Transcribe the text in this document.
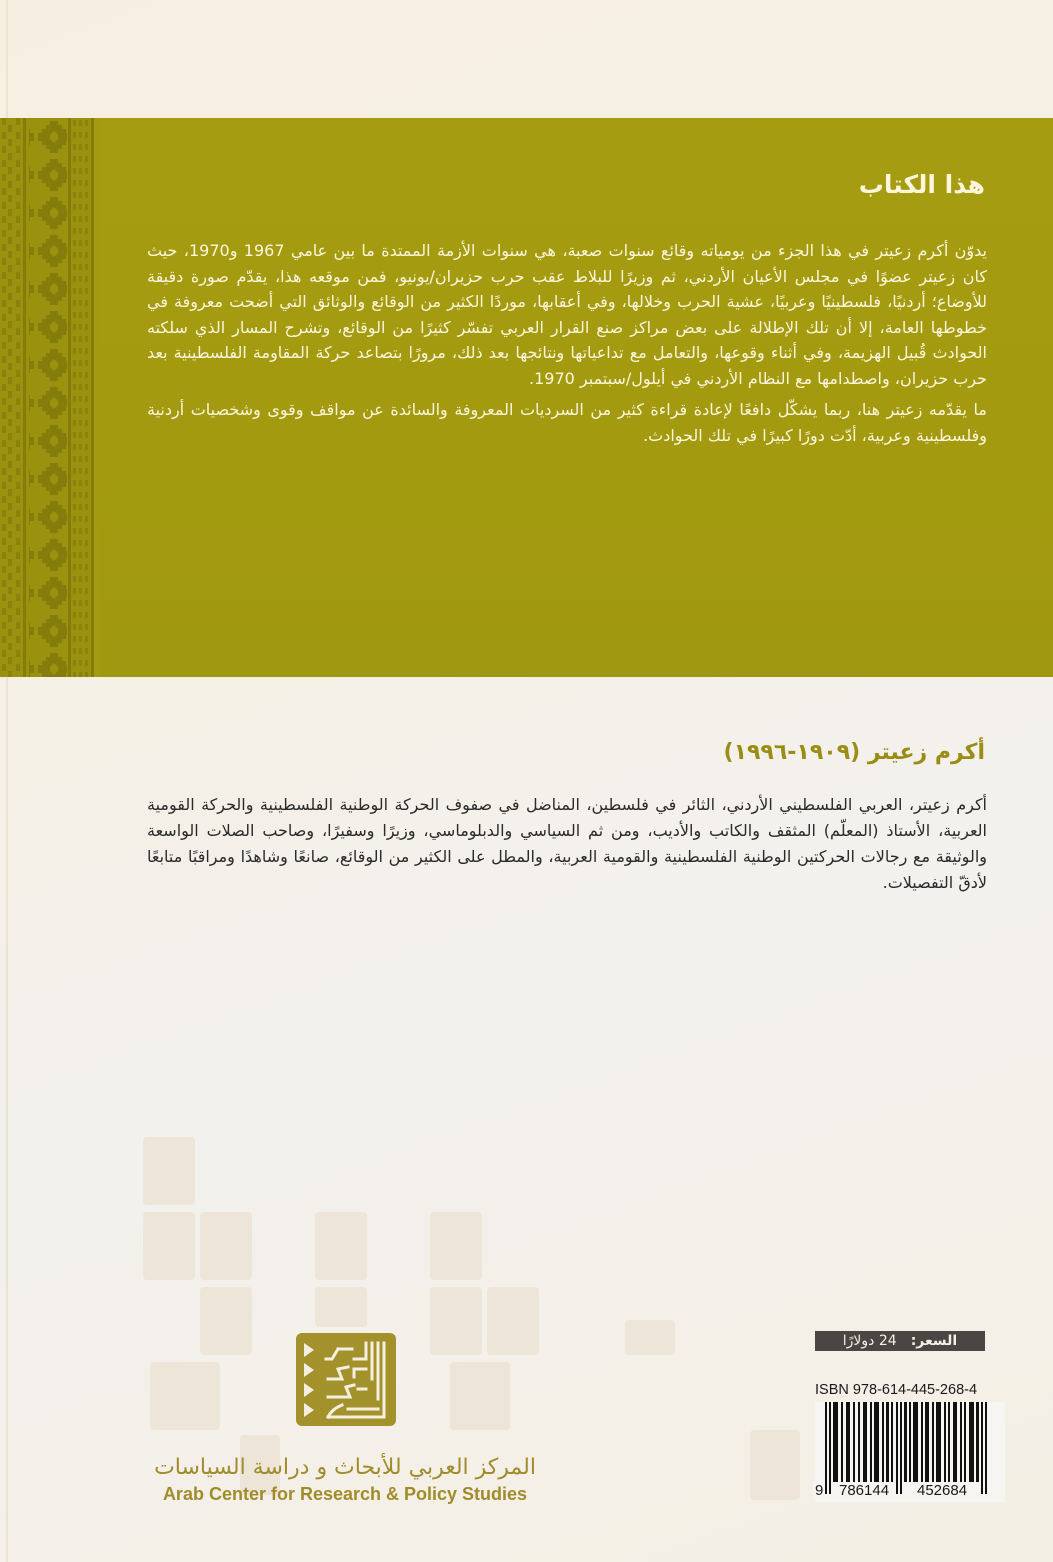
هذا الكتاب

يدوّن أكرم زعيتر في هذا الجزء من يومياته وقائع سنوات صعبة، هي سنوات الأزمة الممتدة ما بين عامي 1967 و1970، حيث كان زعيتر عضوًا في مجلس الأعيان الأردني، ثم وزيرًا للبلاط عقب حرب حزيران/يونيو، فمن موقعه هذا، يقدّم صورة دقيقة للأوضاع؛ أردنيًا، فلسطينيًا وعربيًا، عشية الحرب وخلالها، وفي أعقابها، موردًا الكثير من الوقائع والوثائق التي أضحت معروفة في خطوطها العامة، إلا أن تلك الإطلالة على بعض مراكز صنع القرار العربي تفسّر كثيرًا من الوقائع، وتشرح المسار الذي سلكته الحوادث قُبيل الهزيمة، وفي أثناء وقوعها، والتعامل مع تداعياتها ونتائجها بعد ذلك، مرورًا بتصاعد حركة المقاومة الفلسطينية بعد حرب حزيران، واصطدامها مع النظام الأردني في أيلول/سبتمبر 1970.

ما يقدّمه زعيتر هنا، ربما يشكّل دافعًا لإعادة قراءة كثير من السرديات المعروفة والسائدة عن مواقف وقوى وشخصيات أردنية وفلسطينية وعربية، أدّت دورًا كبيرًا في تلك الحوادث.

أكرم زعيتر (١٩٠٩-١٩٩٦)

أكرم زعيتر، العربي الفلسطيني الأردني، الثائر في فلسطين، المناضل في صفوف الحركة الوطنية الفلسطينية والحركة القومية العربية، الأستاذ (المعلّم) المثقف والكاتب والأديب، ومن ثم السياسي والدبلوماسي، وزيرًا وسفيرًا، وصاحب الصلات الواسعة والوثيقة مع رجالات الحركتين الوطنية الفلسطينية والقومية العربية، والمطل على الكثير من الوقائع، صانعًا وشاهدًا ومراقبًا متابعًا لأدقّ التفصيلات.

المركز العربي للأبحاث و دراسة السياسات
Arab Center for Research & Policy Studies
السعر:
24 دولارًا
ISBN 978-614-445-268-4
9 786144 452684
